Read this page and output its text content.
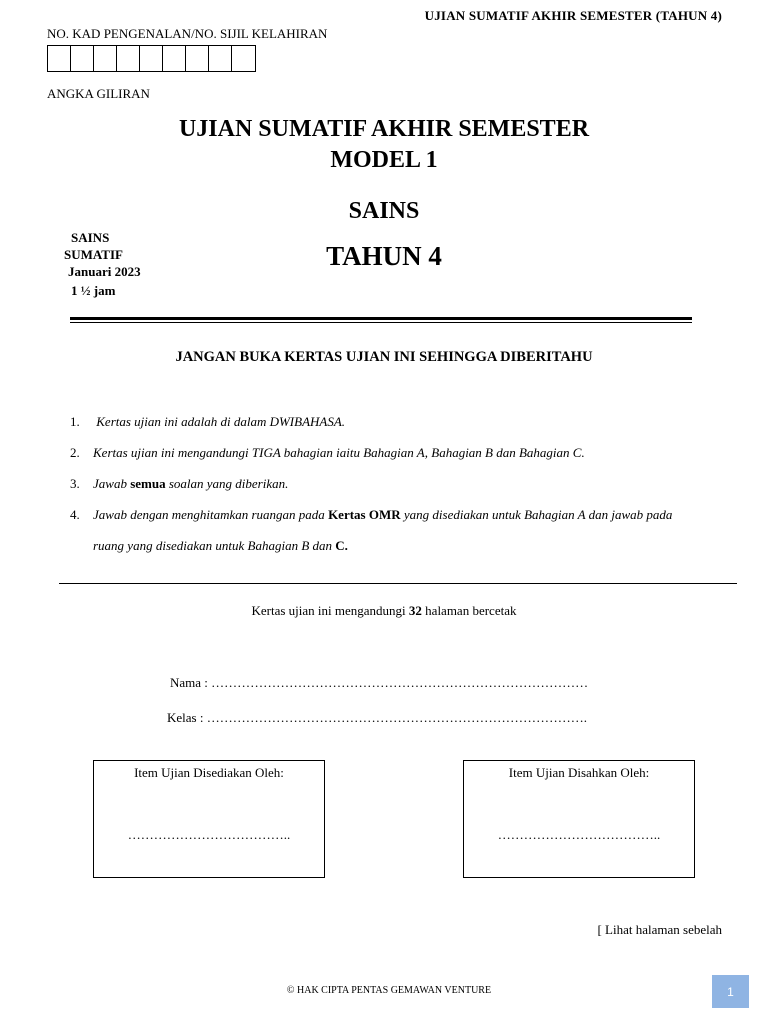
UJIAN SUMATIF AKHIR SEMESTER (TAHUN 4)
NO. KAD PENGENALAN/NO. SIJIL KELAHIRAN
ANGKA GILIRAN
UJIAN SUMATIF AKHIR SEMESTER
MODEL 1
SAINS
TAHUN 4
SAINS
SUMATIF
Januari 2023
1 ½ jam
JANGAN BUKA KERTAS UJIAN INI SEHINGGA DIBERITAHU
1. Kertas ujian ini adalah di dalam DWIBAHASA.
2. Kertas ujian ini mengandungi TIGA bahagian iaitu Bahagian A, Bahagian B dan Bahagian C.
3. Jawab semua soalan yang diberikan.
4. Jawab dengan menghitamkan ruangan pada Kertas OMR yang disediakan untuk Bahagian A dan jawab pada
ruang yang disediakan untuk Bahagian B dan C.
Kertas ujian ini mengandungi 32 halaman bercetak
Nama : ……………………………………………………………………………
Kelas : …………………………………………………………………………….
Item Ujian Disediakan Oleh:
………………………………..
Item Ujian Disahkan Oleh:
………………………………..
[ Lihat halaman sebelah
© HAK CIPTA PENTAS GEMAWAN VENTURE	1
